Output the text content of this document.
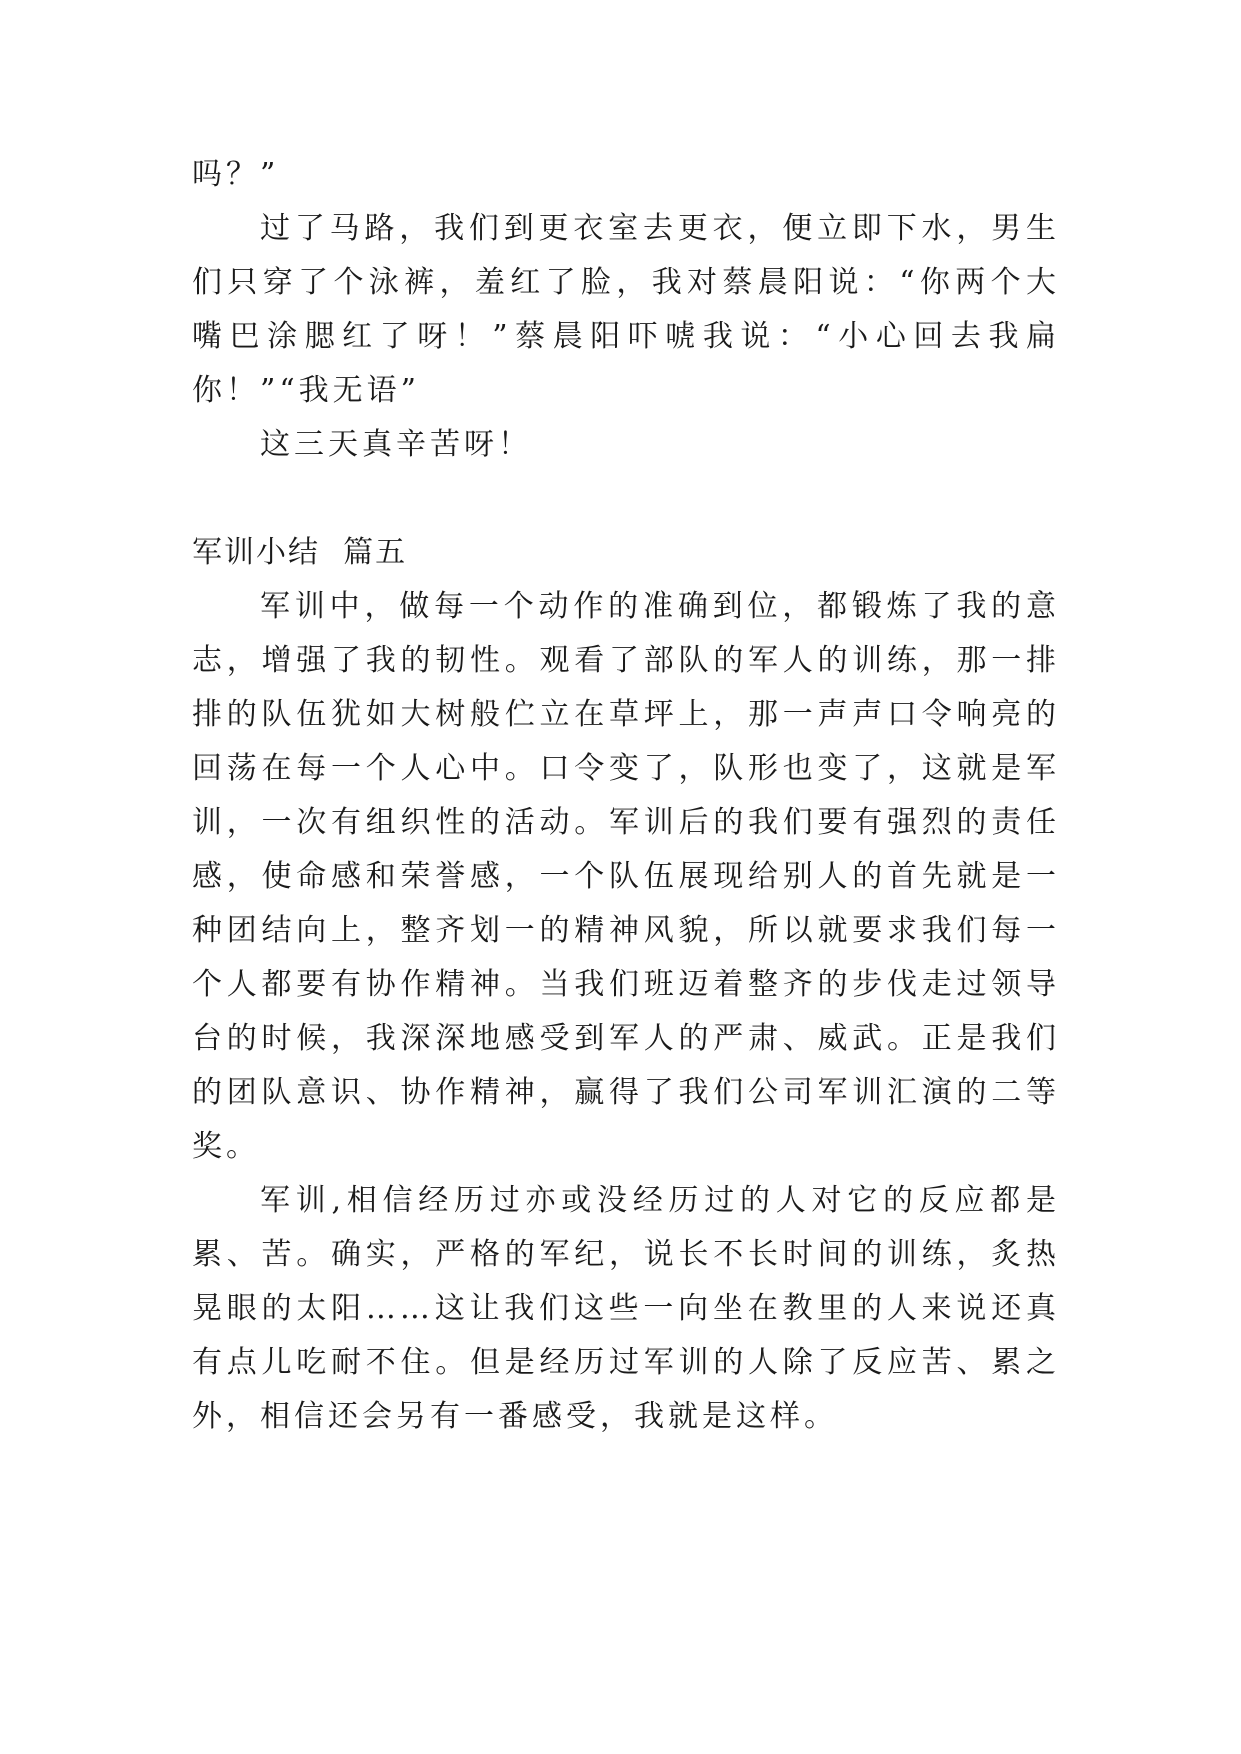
吗？”

过了马路，我们到更衣室去更衣，便立即下水，男生们只穿了个泳裤，羞红了脸，我对蔡晨阳说：“你两个大嘴巴涂腮红了呀！”蔡晨阳吓唬我说：“小心回去我扁你！”“我无语”

这三天真辛苦呀！

军训小结  篇五

军训中，做每一个动作的准确到位，都锻炼了我的意志，增强了我的韧性。观看了部队的军人的训练，那一排排的队伍犹如大树般伫立在草坪上，那一声声口令响亮的回荡在每一个人心中。口令变了，队形也变了，这就是军训，一次有组织性的活动。军训后的我们要有强烈的责任感，使命感和荣誉感，一个队伍展现给别人的首先就是一种团结向上，整齐划一的精神风貌，所以就要求我们每一个人都要有协作精神。当我们班迈着整齐的步伐走过领导台的时候，我深深地感受到军人的严肃、威武。正是我们的团队意识、协作精神，赢得了我们公司军训汇演的二等奖。

军训,相信经历过亦或没经历过的人对它的反应都是累、苦。确实，严格的军纪，说长不长时间的训练，炙热晃眼的太阳……这让我们这些一向坐在教里的人来说还真有点儿吃耐不住。但是经历过军训的人除了反应苦、累之外，相信还会另有一番感受，我就是这样。
